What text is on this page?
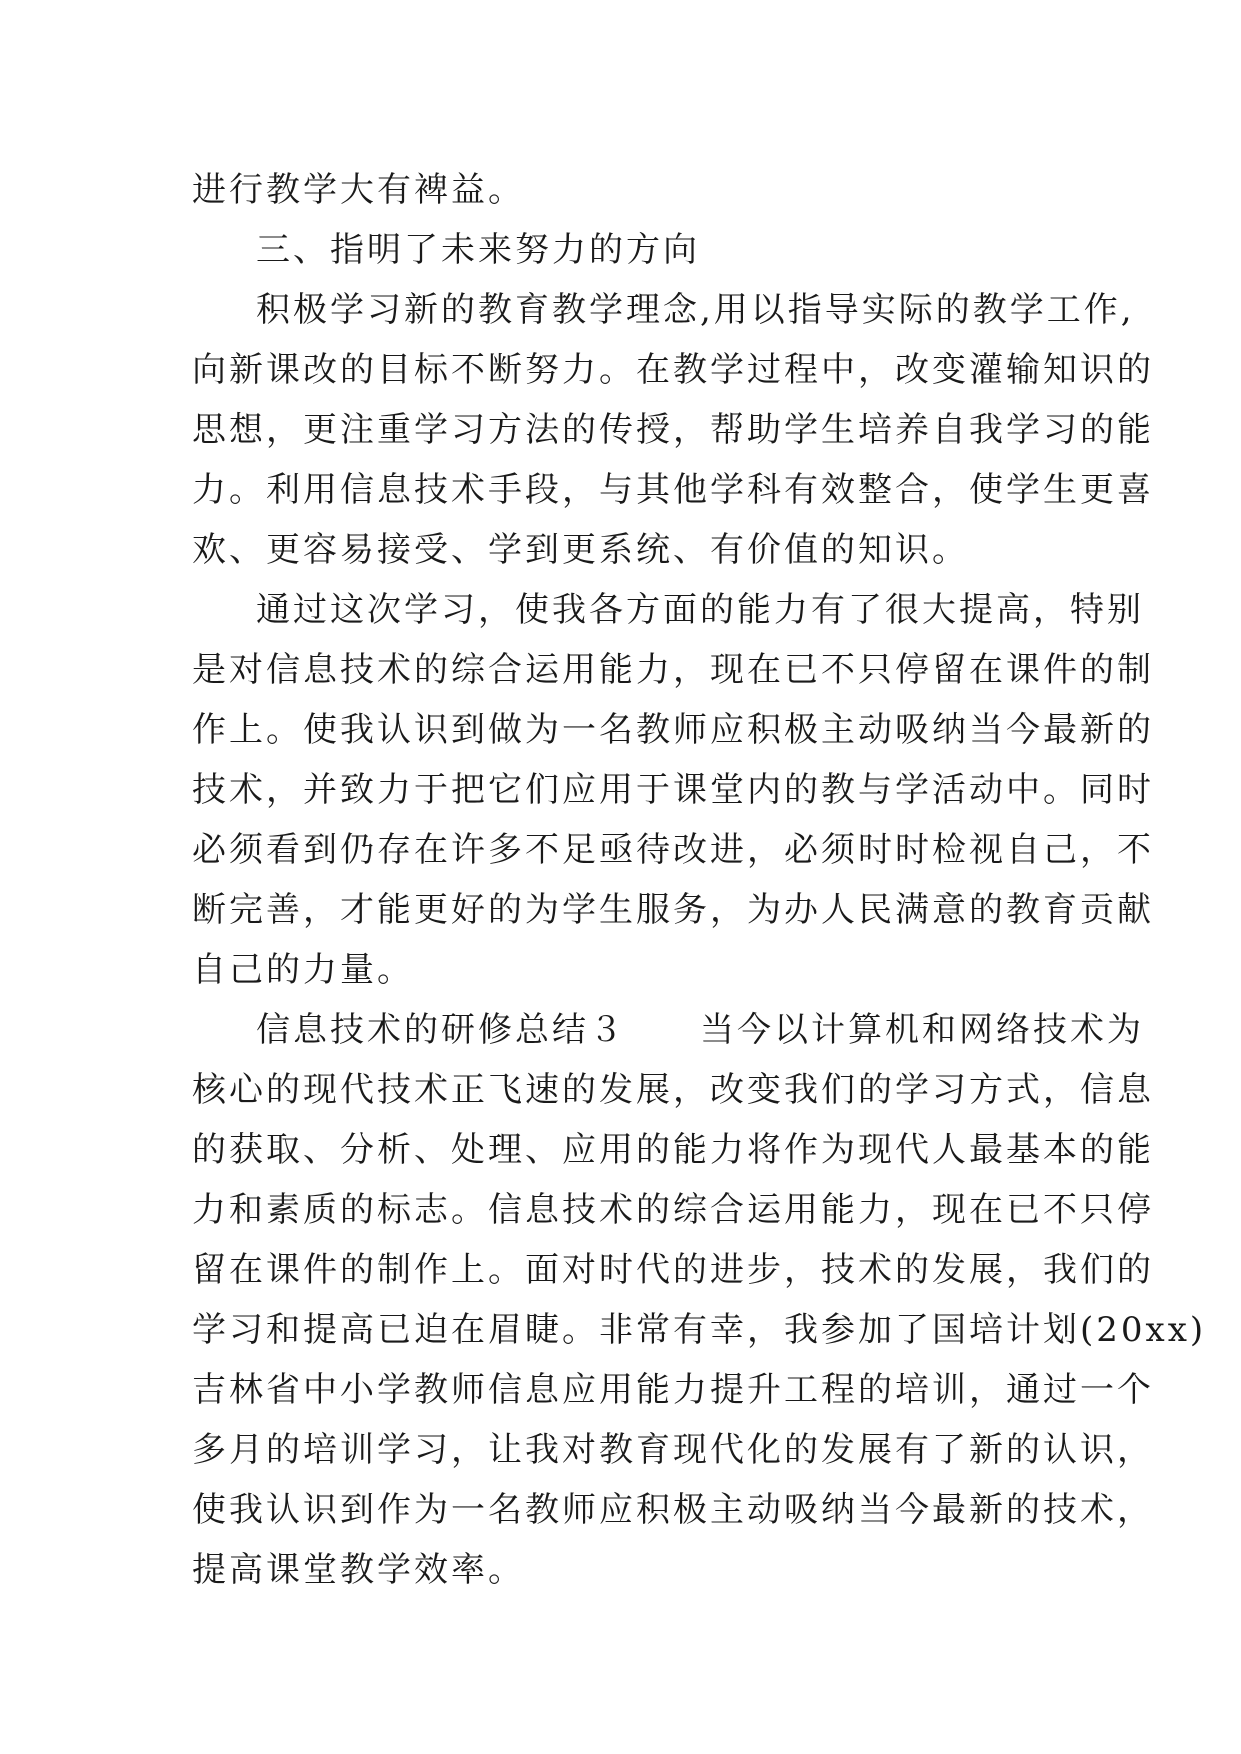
进行教学大有裨益。
三、指明了未来努力的方向
积极学习新的教育教学理念,用以指导实际的教学工作,
向新课改的目标不断努力。在教学过程中，改变灌输知识的
思想，更注重学习方法的传授，帮助学生培养自我学习的能
力。利用信息技术手段，与其他学科有效整合，使学生更喜
欢、更容易接受、学到更系统、有价值的知识。
通过这次学习，使我各方面的能力有了很大提高，特别
是对信息技术的综合运用能力，现在已不只停留在课件的制
作上。使我认识到做为一名教师应积极主动吸纳当今最新的
技术，并致力于把它们应用于课堂内的教与学活动中。同时
必须看到仍存在许多不足亟待改进，必须时时检视自己，不
断完善，才能更好的为学生服务，为办人民满意的教育贡献
自己的力量。
信息技术的研修总结３　　当今以计算机和网络技术为
核心的现代技术正飞速的发展，改变我们的学习方式，信息
的获取、分析、处理、应用的能力将作为现代人最基本的能
力和素质的标志。信息技术的综合运用能力，现在已不只停
留在课件的制作上。面对时代的进步，技术的发展，我们的
学习和提高已迫在眉睫。非常有幸，我参加了国培计划(20xx)
吉林省中小学教师信息应用能力提升工程的培训，通过一个
多月的培训学习，让我对教育现代化的发展有了新的认识，
使我认识到作为一名教师应积极主动吸纳当今最新的技术，
提高课堂教学效率。
